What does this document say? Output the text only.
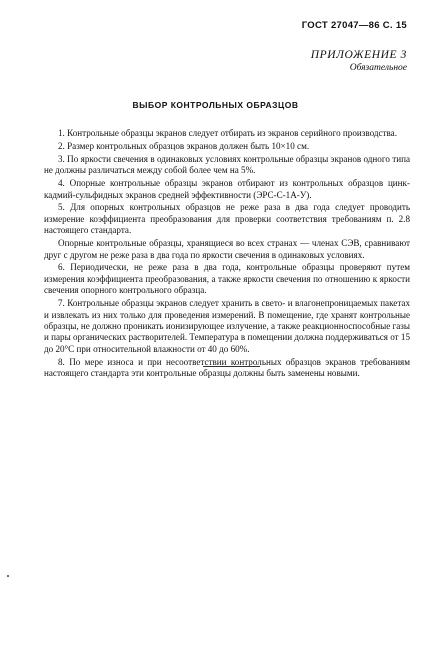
ГОСТ 27047—86 С. 15
ПРИЛОЖЕНИЕ 3
Обязательное
ВЫБОР КОНТРОЛЬНЫХ ОБРАЗЦОВ

1. Контрольные образцы экранов следует отбирать из экранов серийного производства.

2. Размер контрольных образцов экранов должен быть 10×10 см.

3. По яркости свечения в одинаковых условиях контрольные образцы экранов одного типа не должны различаться между собой более чем на 5%.

4. Опорные контрольные образцы экранов отбирают из контрольных образцов цинк-кадмий-сульфидных экранов средней эффективности (ЭРС-С-1А-У).

5. Для опорных контрольных образцов не реже раза в два года следует проводить измерение коэффициента преобразования для проверки соответствия требованиям п. 2.8 настоящего стандарта.

Опорные контрольные образцы, хранящиеся во всех странах — членах СЭВ, сравнивают друг с другом не реже раза в два года по яркости свечения в одинаковых условиях.

6. Периодически, не реже раза в два года, контрольные образцы проверяют путем измерения коэффициента преобразования, а также яркости свечения по отношению к яркости свечения опорного контрольного образца.

7. Контрольные образцы экранов следует хранить в свето- и влагонепроницаемых пакетах и извлекать из них только для проведения измерений. В помещение, где хранят контрольные образцы, не должно проникать ионизирующее излучение, а также реакционноспособные газы и пары органических растворителей. Температура в помещении должна поддерживаться от 15 до 20°С при относительной влажности от 40 до 60%.

8. По мере износа и при несоответствии контрольных образцов экранов требованиям настоящего стандарта эти контрольные образцы должны быть заменены новыми.
